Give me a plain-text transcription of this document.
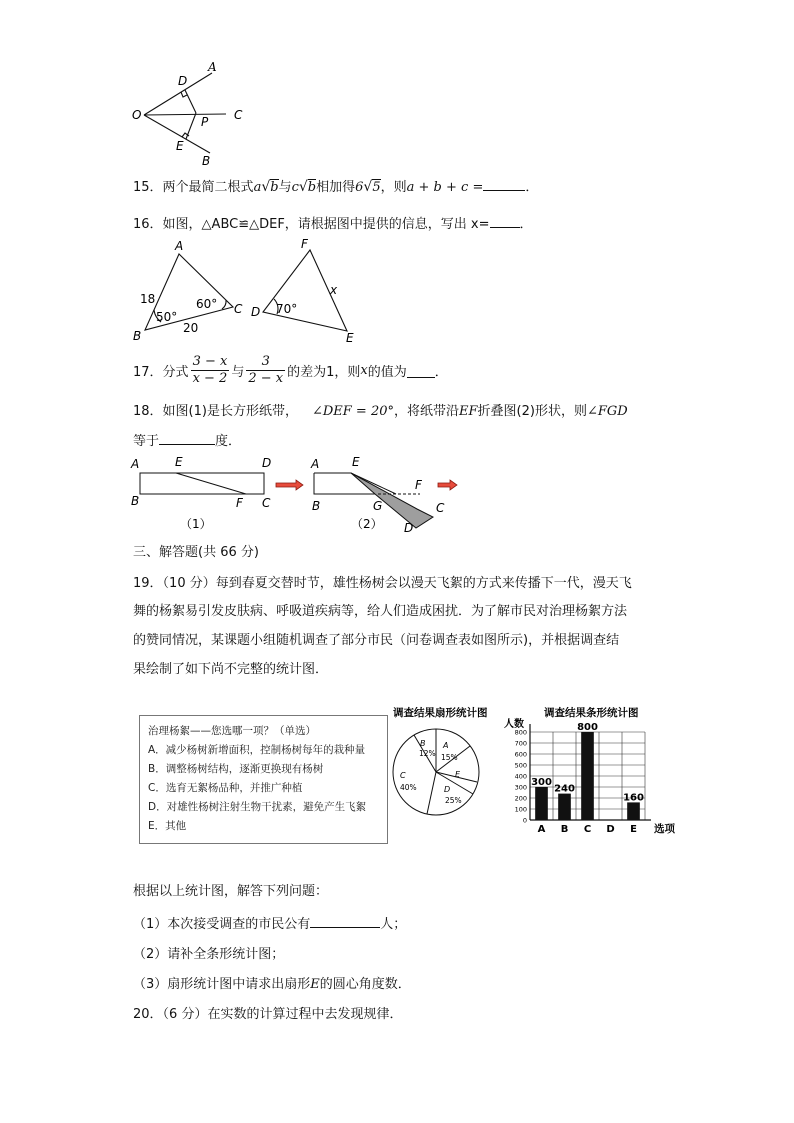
A
D
O	P C
E
B
15．两个最简二根式a√b与c√b相加得6√5，则a + b + c =	．
16．如图，△ABC≌△DEF，请根据图中提供的信息，写出 x= ．
A
B
C
18	60°
50°
20
F
x
D 70°
E
17．分式 $\frac{3 - x}{x - 2}$ 与 $\frac{3}{2 - x}$ 的差为1，则x的值为 ．
18．如图(1)是长方形纸带， ∠DEF = 20°，将纸带沿EF折叠图(2)形状，则∠FGD
等于	度．
A	E	D
B	F C
（1）
A	E
F
B	G	C
D
（2）
三、解答题(共 66 分)
19．（10 分）每到春夏交替时节，雄性杨树会以漫天飞絮的方式来传播下一代，漫天飞
舞的杨絮易引发皮肤病、呼吸道疾病等，给人们造成困扰．为了解市民对治理杨絮方法
的赞同情况，某课题小组随机调查了部分市民（问卷调查表如图所示)，并根据调查结
果绘制了如下尚不完整的统计图．
治理杨絮——您选哪一项？（单选）
A．减少杨树新增面积，控制杨树每年的栽种量
B．调整杨树结构，逐渐更换现有杨树
C．选育无絮杨品种，并推广种植
D．对雄性杨树注射生物干扰素，避免产生飞絮
E．其他
调查结果扇形统计图
B
12%
A
15%
E
C
40%	D
25%
调查结果条形统计图
人数
选项
0
100
200
300
400
500
600
700
800
A
300
B
240
C
800
D E
160
根据以上统计图，解答下列问题：
（1）本次接受调查的市民公有	人；
（2）请补全条形统计图；
（3）扇形统计图中请求出扇形E的圆心角度数．
20．（6 分）在实数的计算过程中去发现规律．
